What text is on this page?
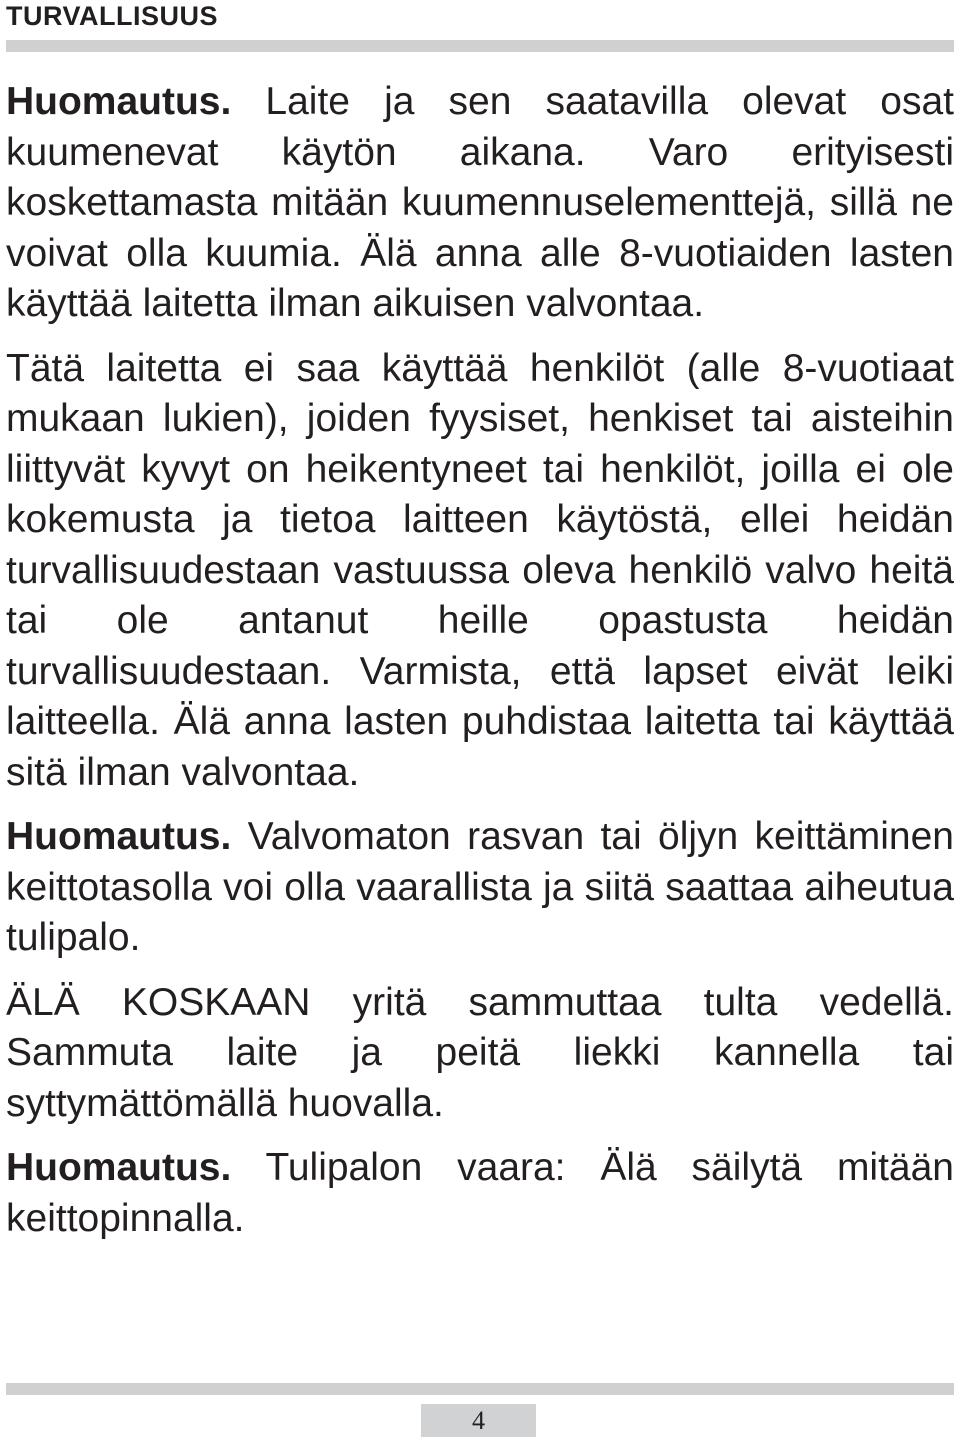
TURVALLISUUS

Huomautus. Laite ja sen saatavilla olevat osat kuumenevat käytön aikana. Varo erityisesti koskettamasta mitään kuumennuselementtejä, sillä ne voivat olla kuumia. Älä anna alle 8-vuotiaiden lasten käyttää laitetta ilman aikuisen valvontaa.

Tätä laitetta ei saa käyttää henkilöt (alle 8-vuotiaat mukaan lukien), joiden fyysiset, henkiset tai aisteihin liittyvät kyvyt on heikentyneet tai henkilöt, joilla ei ole kokemusta ja tietoa laitteen käytöstä, ellei heidän turvallisuudestaan vastuussa oleva henkilö valvo heitä tai ole antanut heille opastusta heidän turvallisuudestaan. Varmista, että lapset eivät leiki laitteella. Älä anna lasten puhdistaa laitetta tai käyttää sitä ilman valvontaa.

Huomautus. Valvomaton rasvan tai öljyn keittäminen keittotasolla voi olla vaarallista ja siitä saattaa aiheutua tulipalo.

ÄLÄ KOSKAAN yritä sammuttaa tulta vedellä. Sammuta laite ja peitä liekki kannella tai syttymättömällä huovalla.

Huomautus. Tulipalon vaara: Älä säilytä mitään keittopinnalla.

4
